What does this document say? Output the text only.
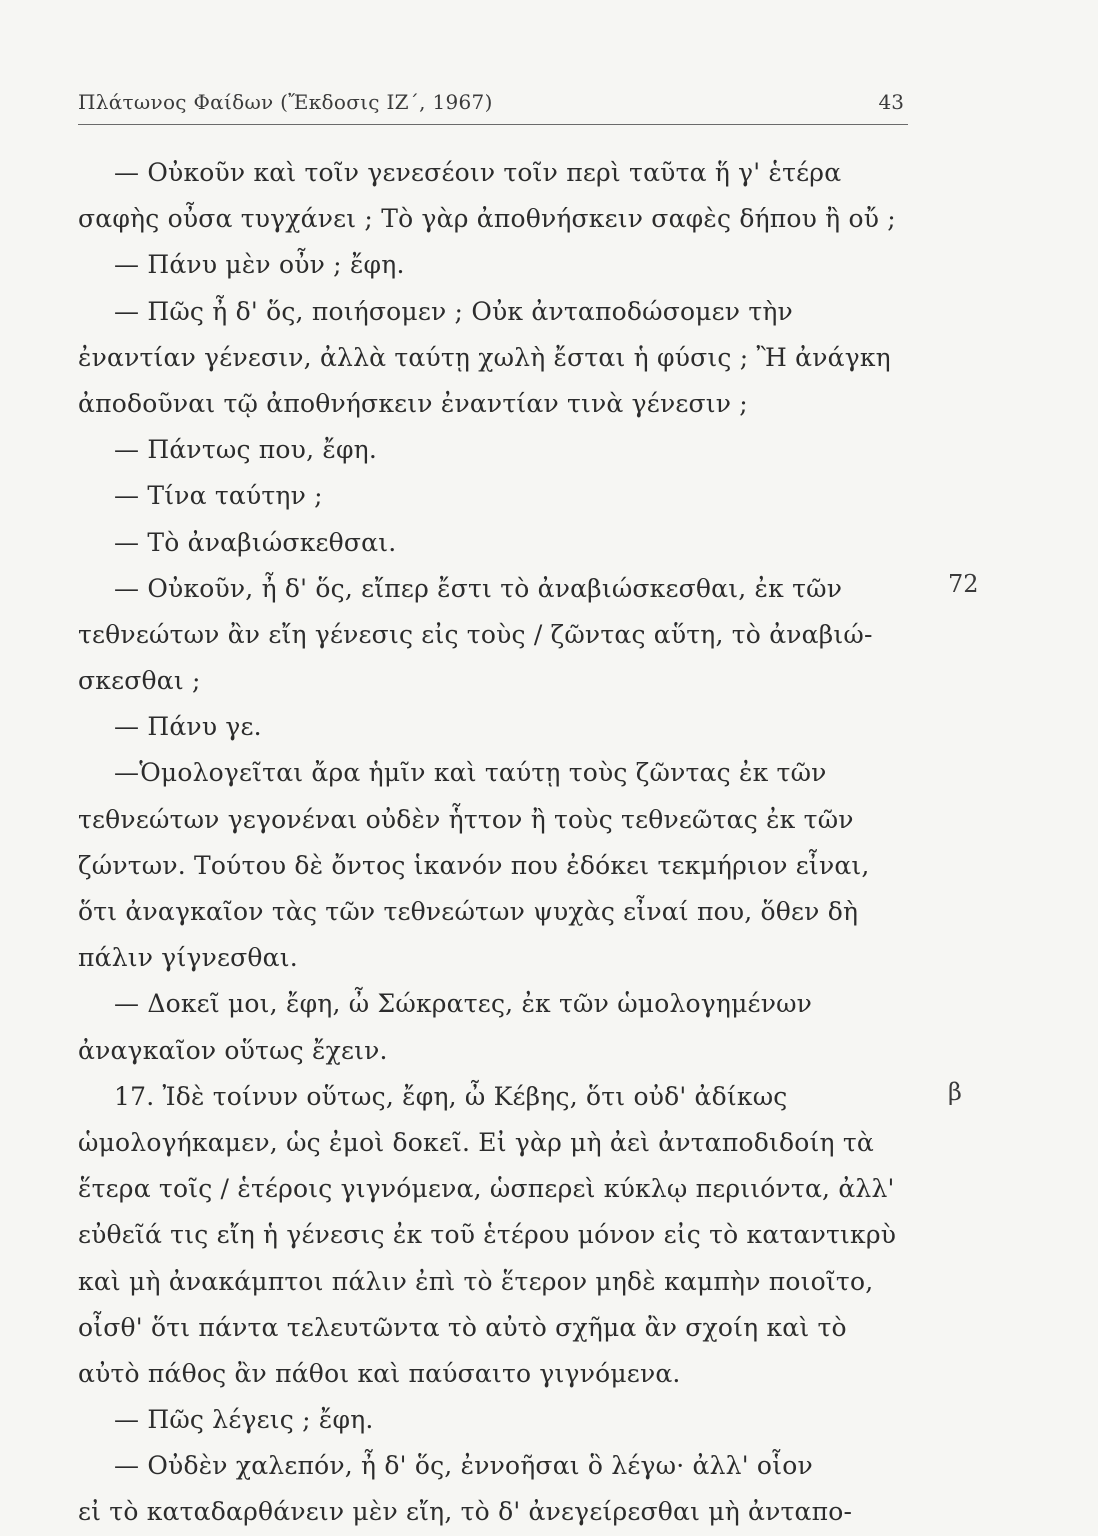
Πλάτωνος Φαίδων (Ἔκδοσις ΙΖ΄, 1967)	43
— Οὐκοῦν καὶ τοῖν γενεσέοιν τοῖν περὶ ταῦτα ἥ γ' ἑτέρα
σαφὴς οὖσα τυγχάνει ; Τὸ γὰρ ἀποθνήσκειν σαφὲς δήπου ἢ οὔ ;
— Πάνυ μὲν οὖν ; ἔφη.
— Πῶς ἦ δ' ὅς, ποιήσομεν ; Οὐκ ἀνταποδώσομεν τὴν
ἐναντίαν γένεσιν, ἀλλὰ ταύτῃ χωλὴ ἔσται ἡ φύσις ; Ἢ ἀνάγκη
ἀποδοῦναι τῷ ἀποθνήσκειν ἐναντίαν τινὰ γένεσιν ;
— Πάντως που, ἔφη.
— Τίνα ταύτην ;
— Τὸ ἀναβιώσκεθσαι.
— Οὐκοῦν, ἦ δ' ὅς, εἴπερ ἔστι τὸ ἀναβιώσκεσθαι, ἐκ τῶν
τεθνεώτων ἂν εἴη γένεσις εἰς τοὺς / ζῶντας αὕτη, τὸ ἀναβιώ-
σκεσθαι ;
— Πάνυ γε.
—Ὁμολογεῖται ἄρα ἡμῖν καὶ ταύτῃ τοὺς ζῶντας ἐκ τῶν
τεθνεώτων γεγονέναι οὐδὲν ἧττον ἢ τοὺς τεθνεῶτας ἐκ τῶν
ζώντων. Τούτου δὲ ὄντος ἱκανόν που ἐδόκει τεκμήριον εἶναι,
ὅτι ἀναγκαῖον τὰς τῶν τεθνεώτων ψυχὰς εἶναί που, ὅθεν δὴ
πάλιν γίγνεσθαι.
— Δοκεῖ μοι, ἔφη, ὦ Σώκρατες, ἐκ τῶν ὡμολογημένων
ἀναγκαῖον οὕτως ἔχειν.
17. Ἰδὲ τοίνυν οὕτως, ἔφη, ὦ Κέβης, ὅτι οὐδ' ἀδίκως
ὡμολογήκαμεν, ὡς ἐμοὶ δοκεῖ. Εἰ γὰρ μὴ ἀεὶ ἀνταποδιδοίη τὰ
ἕτερα τοῖς / ἑτέροις γιγνόμενα, ὡσπερεὶ κύκλῳ περιιόντα, ἀλλ'
εὐθεῖά τις εἴη ἡ γένεσις ἐκ τοῦ ἑτέρου μόνον εἰς τὸ καταντικρὺ
καὶ μὴ ἀνακάμπτοι πάλιν ἐπὶ τὸ ἕτερον μηδὲ καμπὴν ποιοῖτο,
οἶσθ' ὅτι πάντα τελευτῶντα τὸ αὐτὸ σχῆμα ἂν σχοίη καὶ τὸ
αὐτὸ πάθος ἂν πάθοι καὶ παύσαιτο γιγνόμενα.
— Πῶς λέγεις ; ἔφη.
— Οὐδὲν χαλεπόν, ἦ δ' ὅς, ἐννοῆσαι ὃ λέγω· ἀλλ' οἷον
εἰ τὸ καταδαρθάνειν μὲν εἴη, τὸ δ' ἀνεγείρεσθαι μὴ ἀνταπο-
72
β
